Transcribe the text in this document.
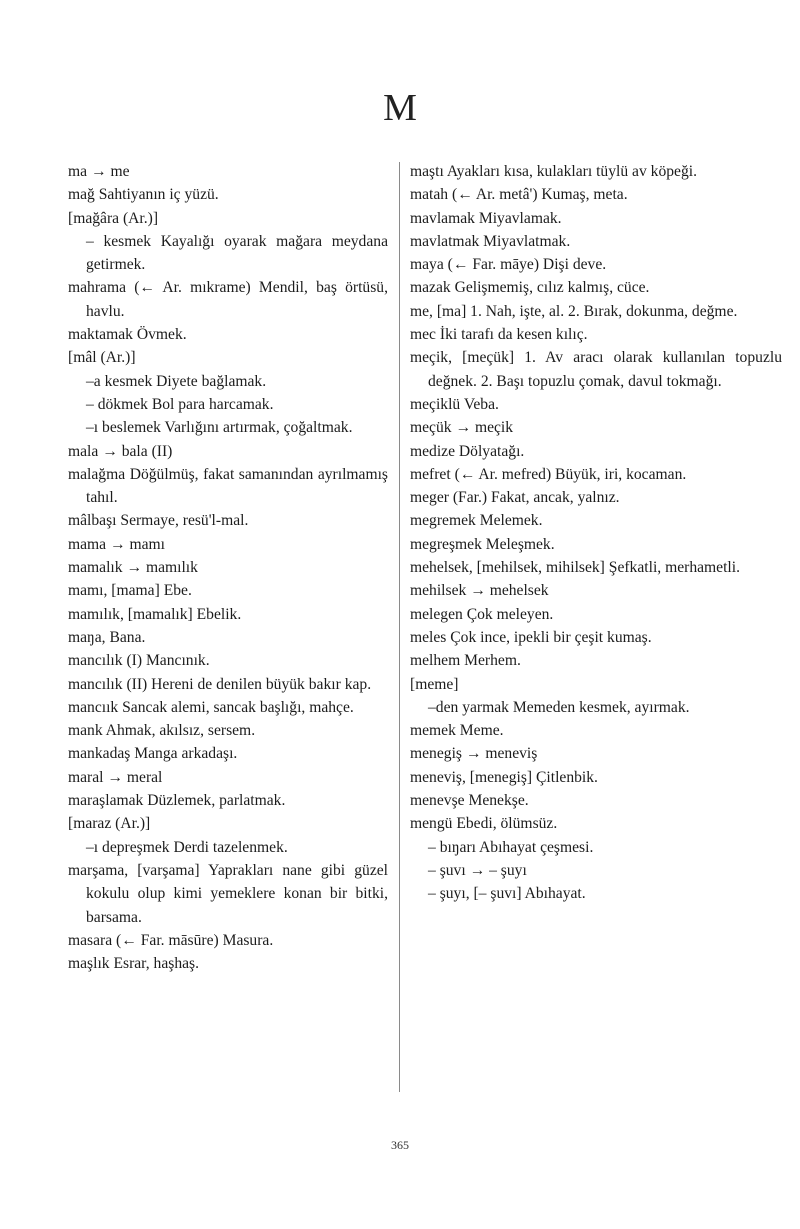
M

ma → me

mağ Sahtiyanın iç yüzü.

[mağâra (Ar.)]

– kesmek Kayalığı oyarak mağara meydana getirmek.

mahrama (← Ar. mıkrame) Mendil, baş örtüsü, havlu.

maktamak Övmek.

[mâl (Ar.)]

–a kesmek Diyete bağlamak.

– dökmek Bol para harcamak.

–ı beslemek Varlığını artırmak, çoğaltmak.

mala → bala (II)

malağma Döğülmüş, fakat samanından ayrılmamış tahıl.

mâlbaşı Sermaye, resü'l-mal.

mama → mamı

mamalık → mamılık

mamı, [mama] Ebe.

mamılık, [mamalık] Ebelik.

maŋa, Bana.

mancılık (I) Mancınık.

mancılık (II) Hereni de denilen büyük bakır kap.

mancıık Sancak alemi, sancak başlığı, mahçe.

mank Ahmak, akılsız, sersem.

mankadaş Manga arkadaşı.

maral → meral

maraşlamak Düzlemek, parlatmak.

[maraz (Ar.)]

–ı depreşmek Derdi tazelenmek.

marşama, [varşama] Yaprakları nane gibi güzel kokulu olup kimi yemeklere konan bir bitki, barsama.

masara (← Far. māsūre) Masura.

maşlık Esrar, haşhaş.

maştı Ayakları kısa, kulakları tüylü av köpeği.

matah (← Ar. metâ') Kumaş, meta.

mavlamak Miyavlamak.

mavlatmak Miyavlatmak.

maya (← Far. māye) Dişi deve.

mazak Gelişmemiş, cılız kalmış, cüce.

me, [ma] 1. Nah, işte, al. 2. Bırak, dokunma, değme.

mec İki tarafı da kesen kılıç.

meçik, [meçük] 1. Av aracı olarak kullanılan topuzlu değnek. 2. Başı topuzlu çomak, davul tokmağı.

meçiklü Veba.

meçük → meçik

medize Dölyatağı.

mefret (← Ar. mefred) Büyük, iri, kocaman.

meger (Far.) Fakat, ancak, yalnız.

megremek Melemek.

megreşmek Meleşmek.

mehelsek, [mehilsek, mihilsek] Şefkatli, merhametli.

mehilsek → mehelsek

melegen Çok meleyen.

meles Çok ince, ipekli bir çeşit kumaş.

melhem Merhem.

[meme]

–den yarmak Memeden kesmek, ayırmak.

memek Meme.

menegiş → meneviş

meneviş, [menegiş] Çitlenbik.

menevşe Menekşe.

mengü Ebedi, ölümsüz.

– bıŋarı Abıhayat çeşmesi.

– şuvı → – şuyı

– şuyı, [– şuvı] Abıhayat.

365
